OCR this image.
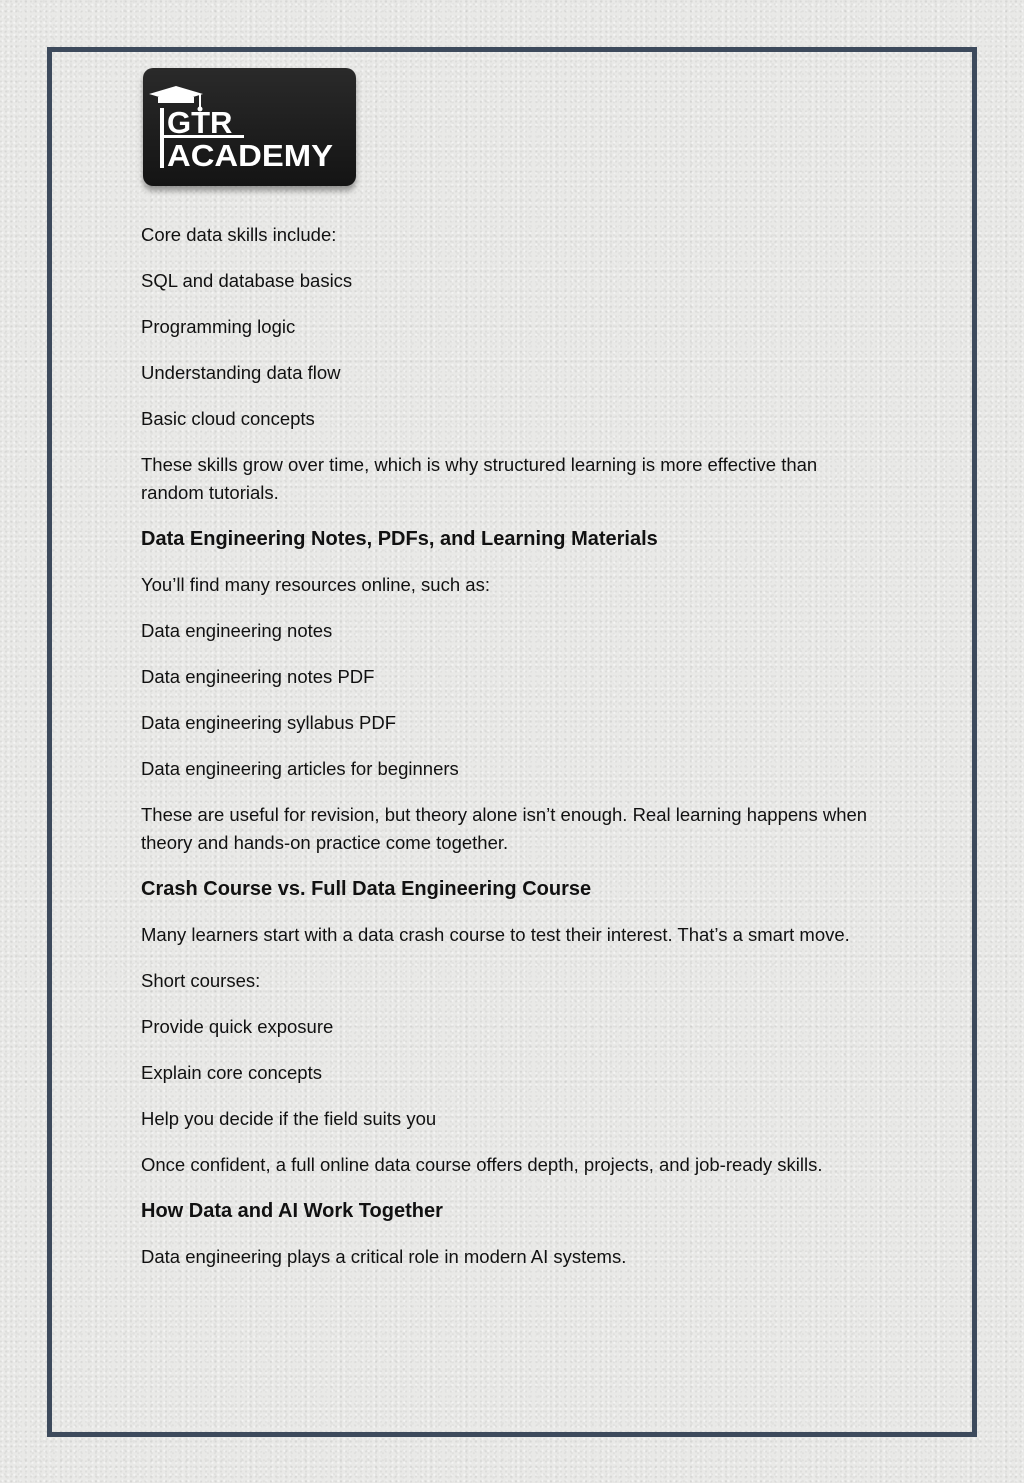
GTR
ACADEMY

Core data skills include:

SQL and database basics

Programming logic

Understanding data flow

Basic cloud concepts

These skills grow over time, which is why structured learning is more effective than random tutorials.

Data Engineering Notes, PDFs, and Learning Materials

You’ll find many resources online, such as:

Data engineering notes

Data engineering notes PDF

Data engineering syllabus PDF

Data engineering articles for beginners

These are useful for revision, but theory alone isn’t enough. Real learning happens when theory and hands-on practice come together.

Crash Course vs. Full Data Engineering Course

Many learners start with a data crash course to test their interest. That’s a smart move.

Short courses:

Provide quick exposure

Explain core concepts

Help you decide if the field suits you

Once confident, a full online data course offers depth, projects, and job-ready skills.

How Data and AI Work Together

Data engineering plays a critical role in modern AI systems.
